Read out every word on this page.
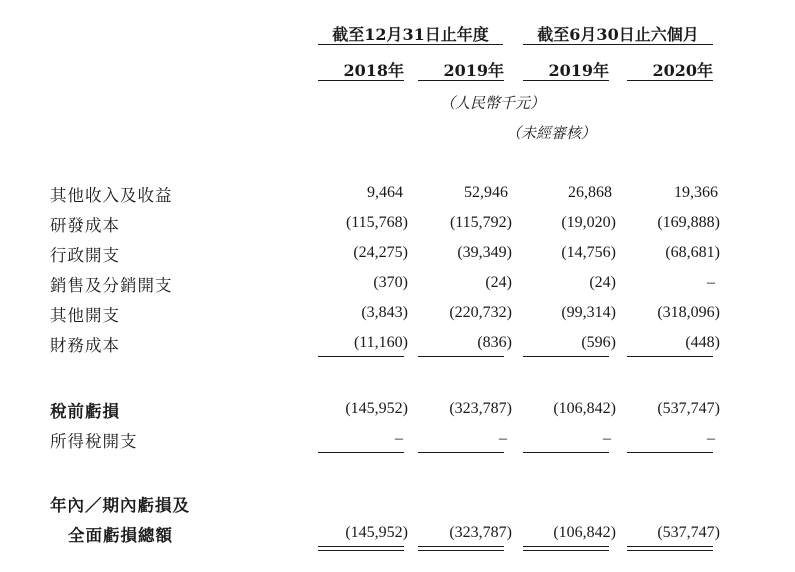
截至12月31日止年度	截至6月30日止六個月
2018年	2019年	2019年	2020年
（人民幣千元）
（未經審核）
其他收入及收益	9,464	52,946	26,868	19,366
研發成本	(115,768)	(115,792)	(19,020)	(169,888)
行政開支	(24,275)	(39,349)	(14,756)	(68,681)
銷售及分銷開支	(370)	(24)	(24)	–
其他開支	(3,843)	(220,732)	(99,314)	(318,096)
財務成本	(11,160)	(836)	(596)	(448)
稅前虧損	(145,952)	(323,787)	(106,842)	(537,747)
所得稅開支	–	–	–	–
年內／期內虧損及
全面虧損總額	(145,952)	(323,787)	(106,842)	(537,747)
